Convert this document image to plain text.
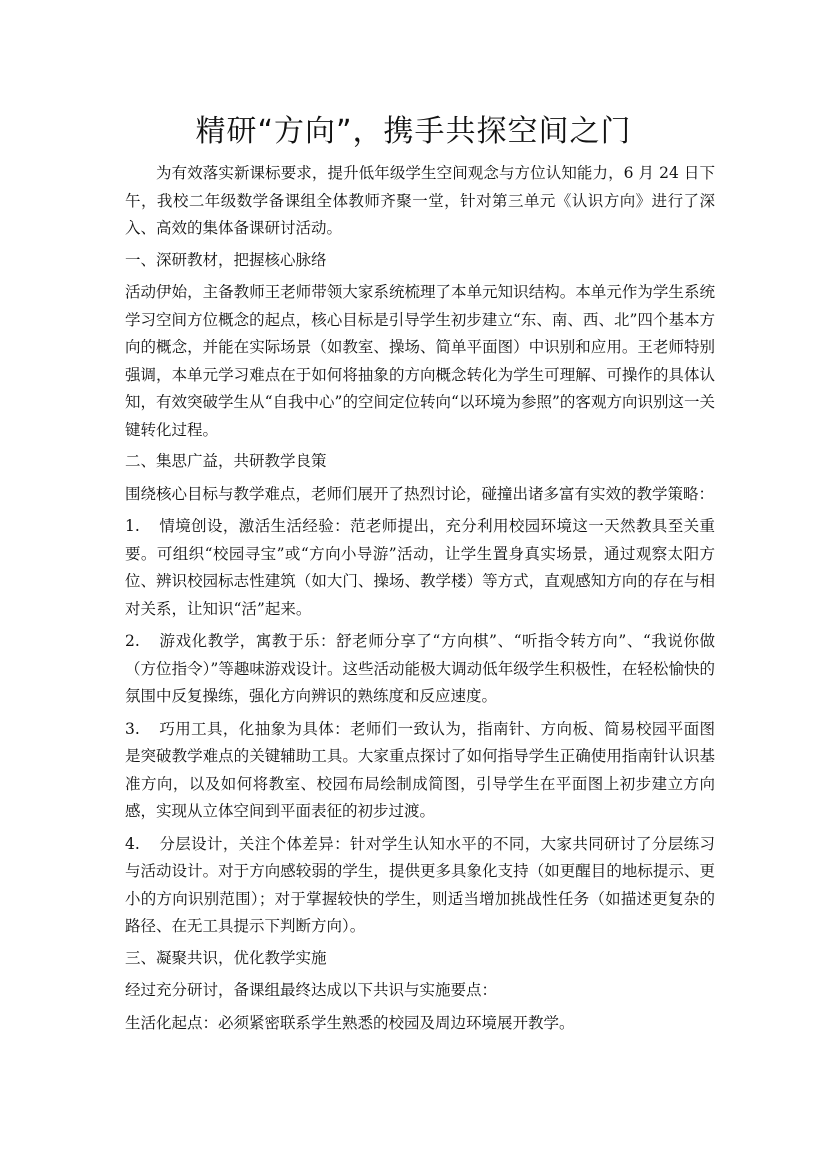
精研“方向”，携手共探空间之门

为有效落实新课标要求，提升低年级学生空间观念与方位认知能力，6 月 24 日下午，我校二年级数学备课组全体教师齐聚一堂，针对第三单元《认识方向》进行了深入、高效的集体备课研讨活动。

一、深研教材，把握核心脉络

活动伊始，主备教师王老师带领大家系统梳理了本单元知识结构。本单元作为学生系统学习空间方位概念的起点，核心目标是引导学生初步建立“东、南、西、北”四个基本方向的概念，并能在实际场景（如教室、操场、简单平面图）中识别和应用。王老师特别强调，本单元学习难点在于如何将抽象的方向概念转化为学生可理解、可操作的具体认知，有效突破学生从“自我中心”的空间定位转向“以环境为参照”的客观方向识别这一关键转化过程。

二、集思广益，共研教学良策

围绕核心目标与教学难点，老师们展开了热烈讨论，碰撞出诸多富有实效的教学策略：

1. 情境创设，激活生活经验：范老师提出，充分利用校园环境这一天然教具至关重要。可组织“校园寻宝”或“方向小导游”活动，让学生置身真实场景，通过观察太阳方位、辨识校园标志性建筑（如大门、操场、教学楼）等方式，直观感知方向的存在与相对关系，让知识“活”起来。

2. 游戏化教学，寓教于乐：舒老师分享了“方向棋”、“听指令转方向”、“我说你做（方位指令）”等趣味游戏设计。这些活动能极大调动低年级学生积极性，在轻松愉快的氛围中反复操练，强化方向辨识的熟练度和反应速度。

3. 巧用工具，化抽象为具体：老师们一致认为，指南针、方向板、简易校园平面图是突破教学难点的关键辅助工具。大家重点探讨了如何指导学生正确使用指南针认识基准方向，以及如何将教室、校园布局绘制成简图，引导学生在平面图上初步建立方向感，实现从立体空间到平面表征的初步过渡。

4. 分层设计，关注个体差异：针对学生认知水平的不同，大家共同研讨了分层练习与活动设计。对于方向感较弱的学生，提供更多具象化支持（如更醒目的地标提示、更小的方向识别范围）；对于掌握较快的学生，则适当增加挑战性任务（如描述更复杂的路径、在无工具提示下判断方向）。

三、凝聚共识，优化教学实施

经过充分研讨，备课组最终达成以下共识与实施要点：

生活化起点：必须紧密联系学生熟悉的校园及周边环境展开教学。
